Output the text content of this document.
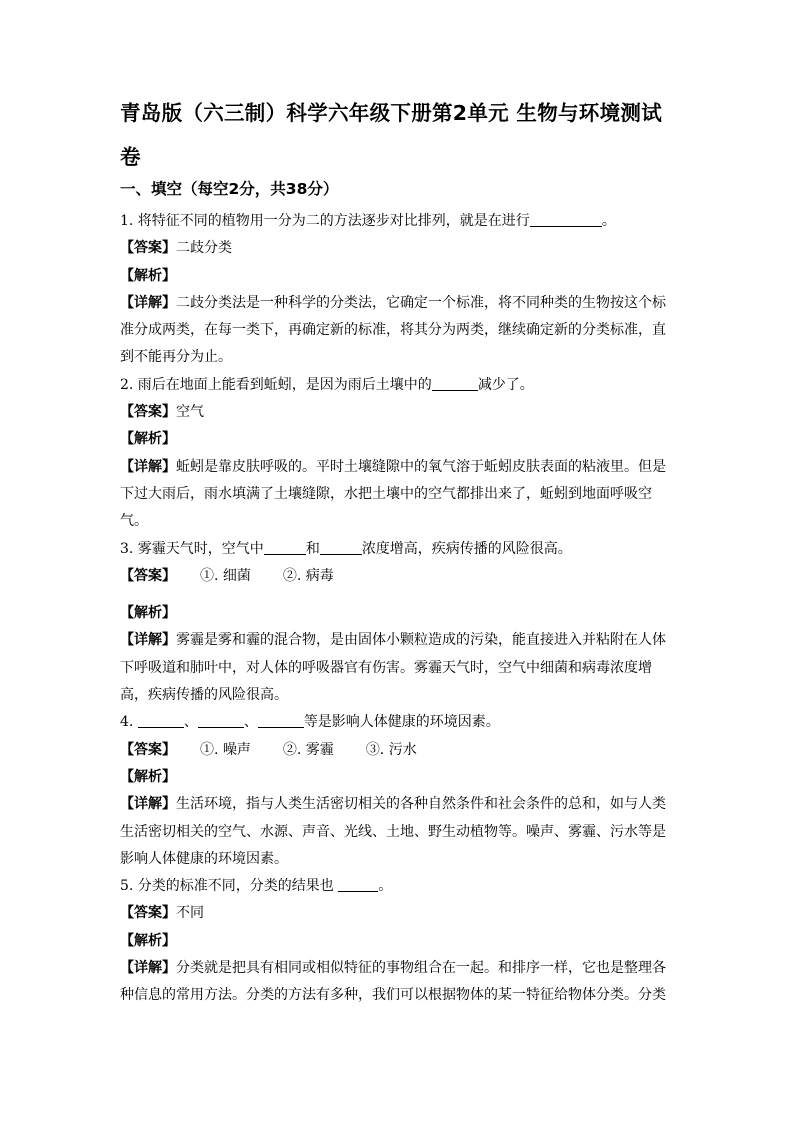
青岛版（六三制）科学六年级下册第2单元 生物与环境测试卷
一、填空（每空2分，共38分）
1. 将特征不同的植物用一分为二的方法逐步对比排列，就是在进行	。
【答案】二歧分类
【解析】
【详解】二歧分类法是一种科学的分类法，它确定一个标准，将不同种类的生物按这个标
准分成两类，在每一类下，再确定新的标准，将其分为两类，继续确定新的分类标准，直
到不能再分为止。
2. 雨后在地面上能看到蚯蚓，是因为雨后土壤中的	减少了。
【答案】空气
【解析】
【详解】蚯蚓是靠皮肤呼吸的。平时土壤缝隙中的氧气溶于蚯蚓皮肤表面的粘液里。但是
下过大雨后，雨水填满了土壤缝隙，水把土壤中的空气都排出来了，蚯蚓到地面呼吸空
气。
3. 雾霾天气时，空气中	和	浓度增高，疾病传播的风险很高。
【答案】 ①. 细菌 ②. 病毒
【解析】
【详解】雾霾是雾和霾的混合物，是由固体小颗粒造成的污染，能直接进入并粘附在人体
下呼吸道和肺叶中，对人体的呼吸器官有伤害。雾霾天气时，空气中细菌和病毒浓度增
高，疾病传播的风险很高。
4.	、	、	等是影响人体健康的环境因素。
【答案】 ①. 噪声 ②. 雾霾 ③. 污水
【解析】
【详解】生活环境，指与人类生活密切相关的各种自然条件和社会条件的总和，如与人类
生活密切相关的空气、水源、声音、光线、土地、野生动植物等。噪声、雾霾、污水等是
影响人体健康的环境因素。
5. 分类的标准不同，分类的结果也	。
【答案】不同
【解析】
【详解】分类就是把具有相同或相似特征的事物组合在一起。和排序一样，它也是整理各
种信息的常用方法。分类的方法有多种，我们可以根据物体的某一特征给物体分类。分类
